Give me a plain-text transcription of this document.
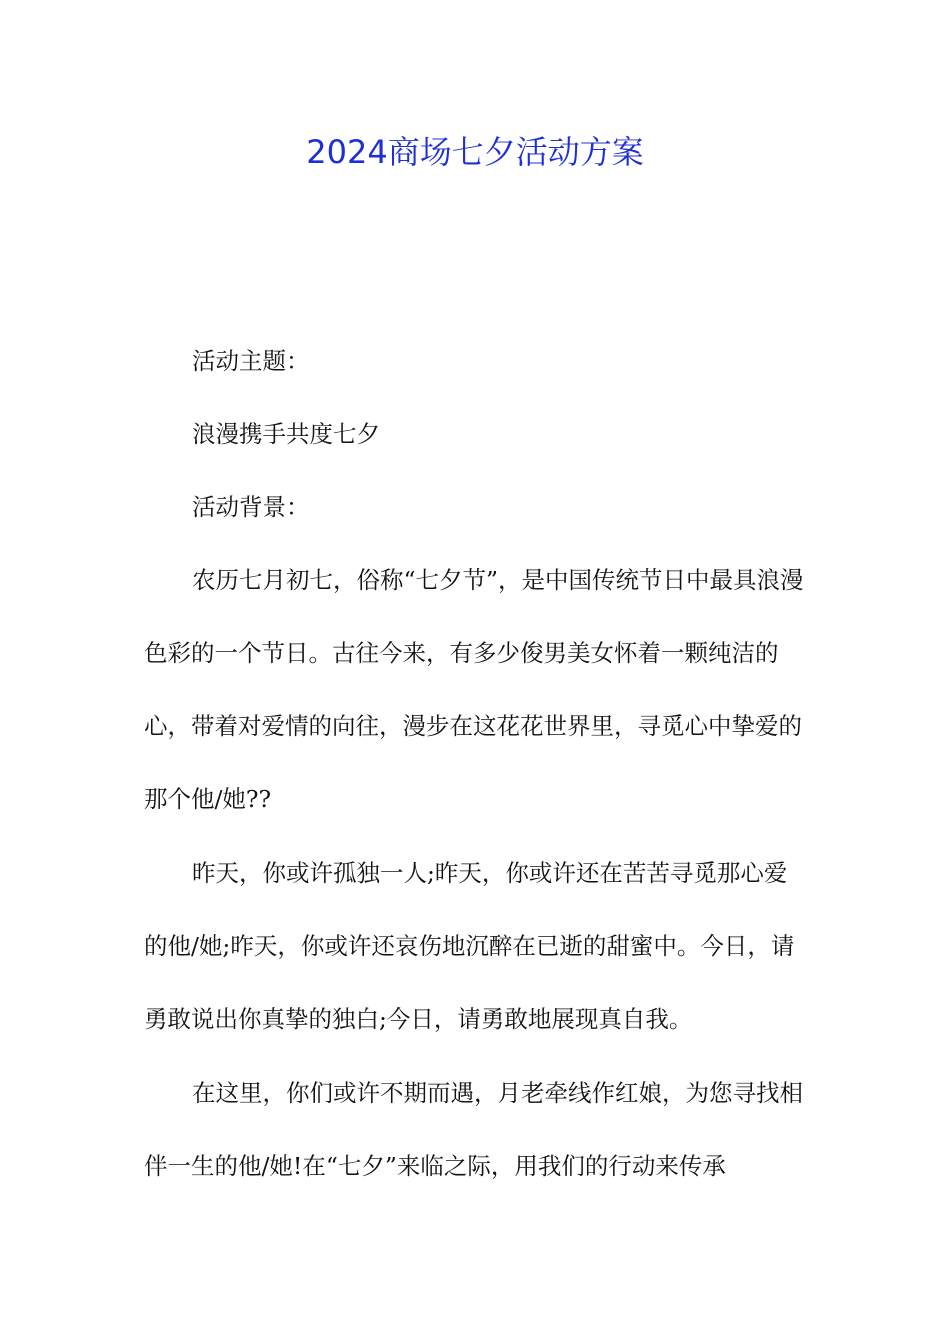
2024商场七夕活动方案

活动主题：

浪漫携手共度七夕

活动背景：

农历七月初七，俗称“七夕节”，是中国传统节日中最具浪漫色彩的一个节日。古往今来，有多少俊男美女怀着一颗纯洁的心，带着对爱情的向往，漫步在这花花世界里，寻觅心中挚爱的那个他/她??

昨天，你或许孤独一人;昨天，你或许还在苦苦寻觅那心爱的他/她;昨天，你或许还哀伤地沉醉在已逝的甜蜜中。今日，请勇敢说出你真挚的独白;今日，请勇敢地展现真自我。

在这里，你们或许不期而遇，月老牵线作红娘，为您寻找相伴一生的他/她!在“七夕”来临之际，用我们的行动来传承
